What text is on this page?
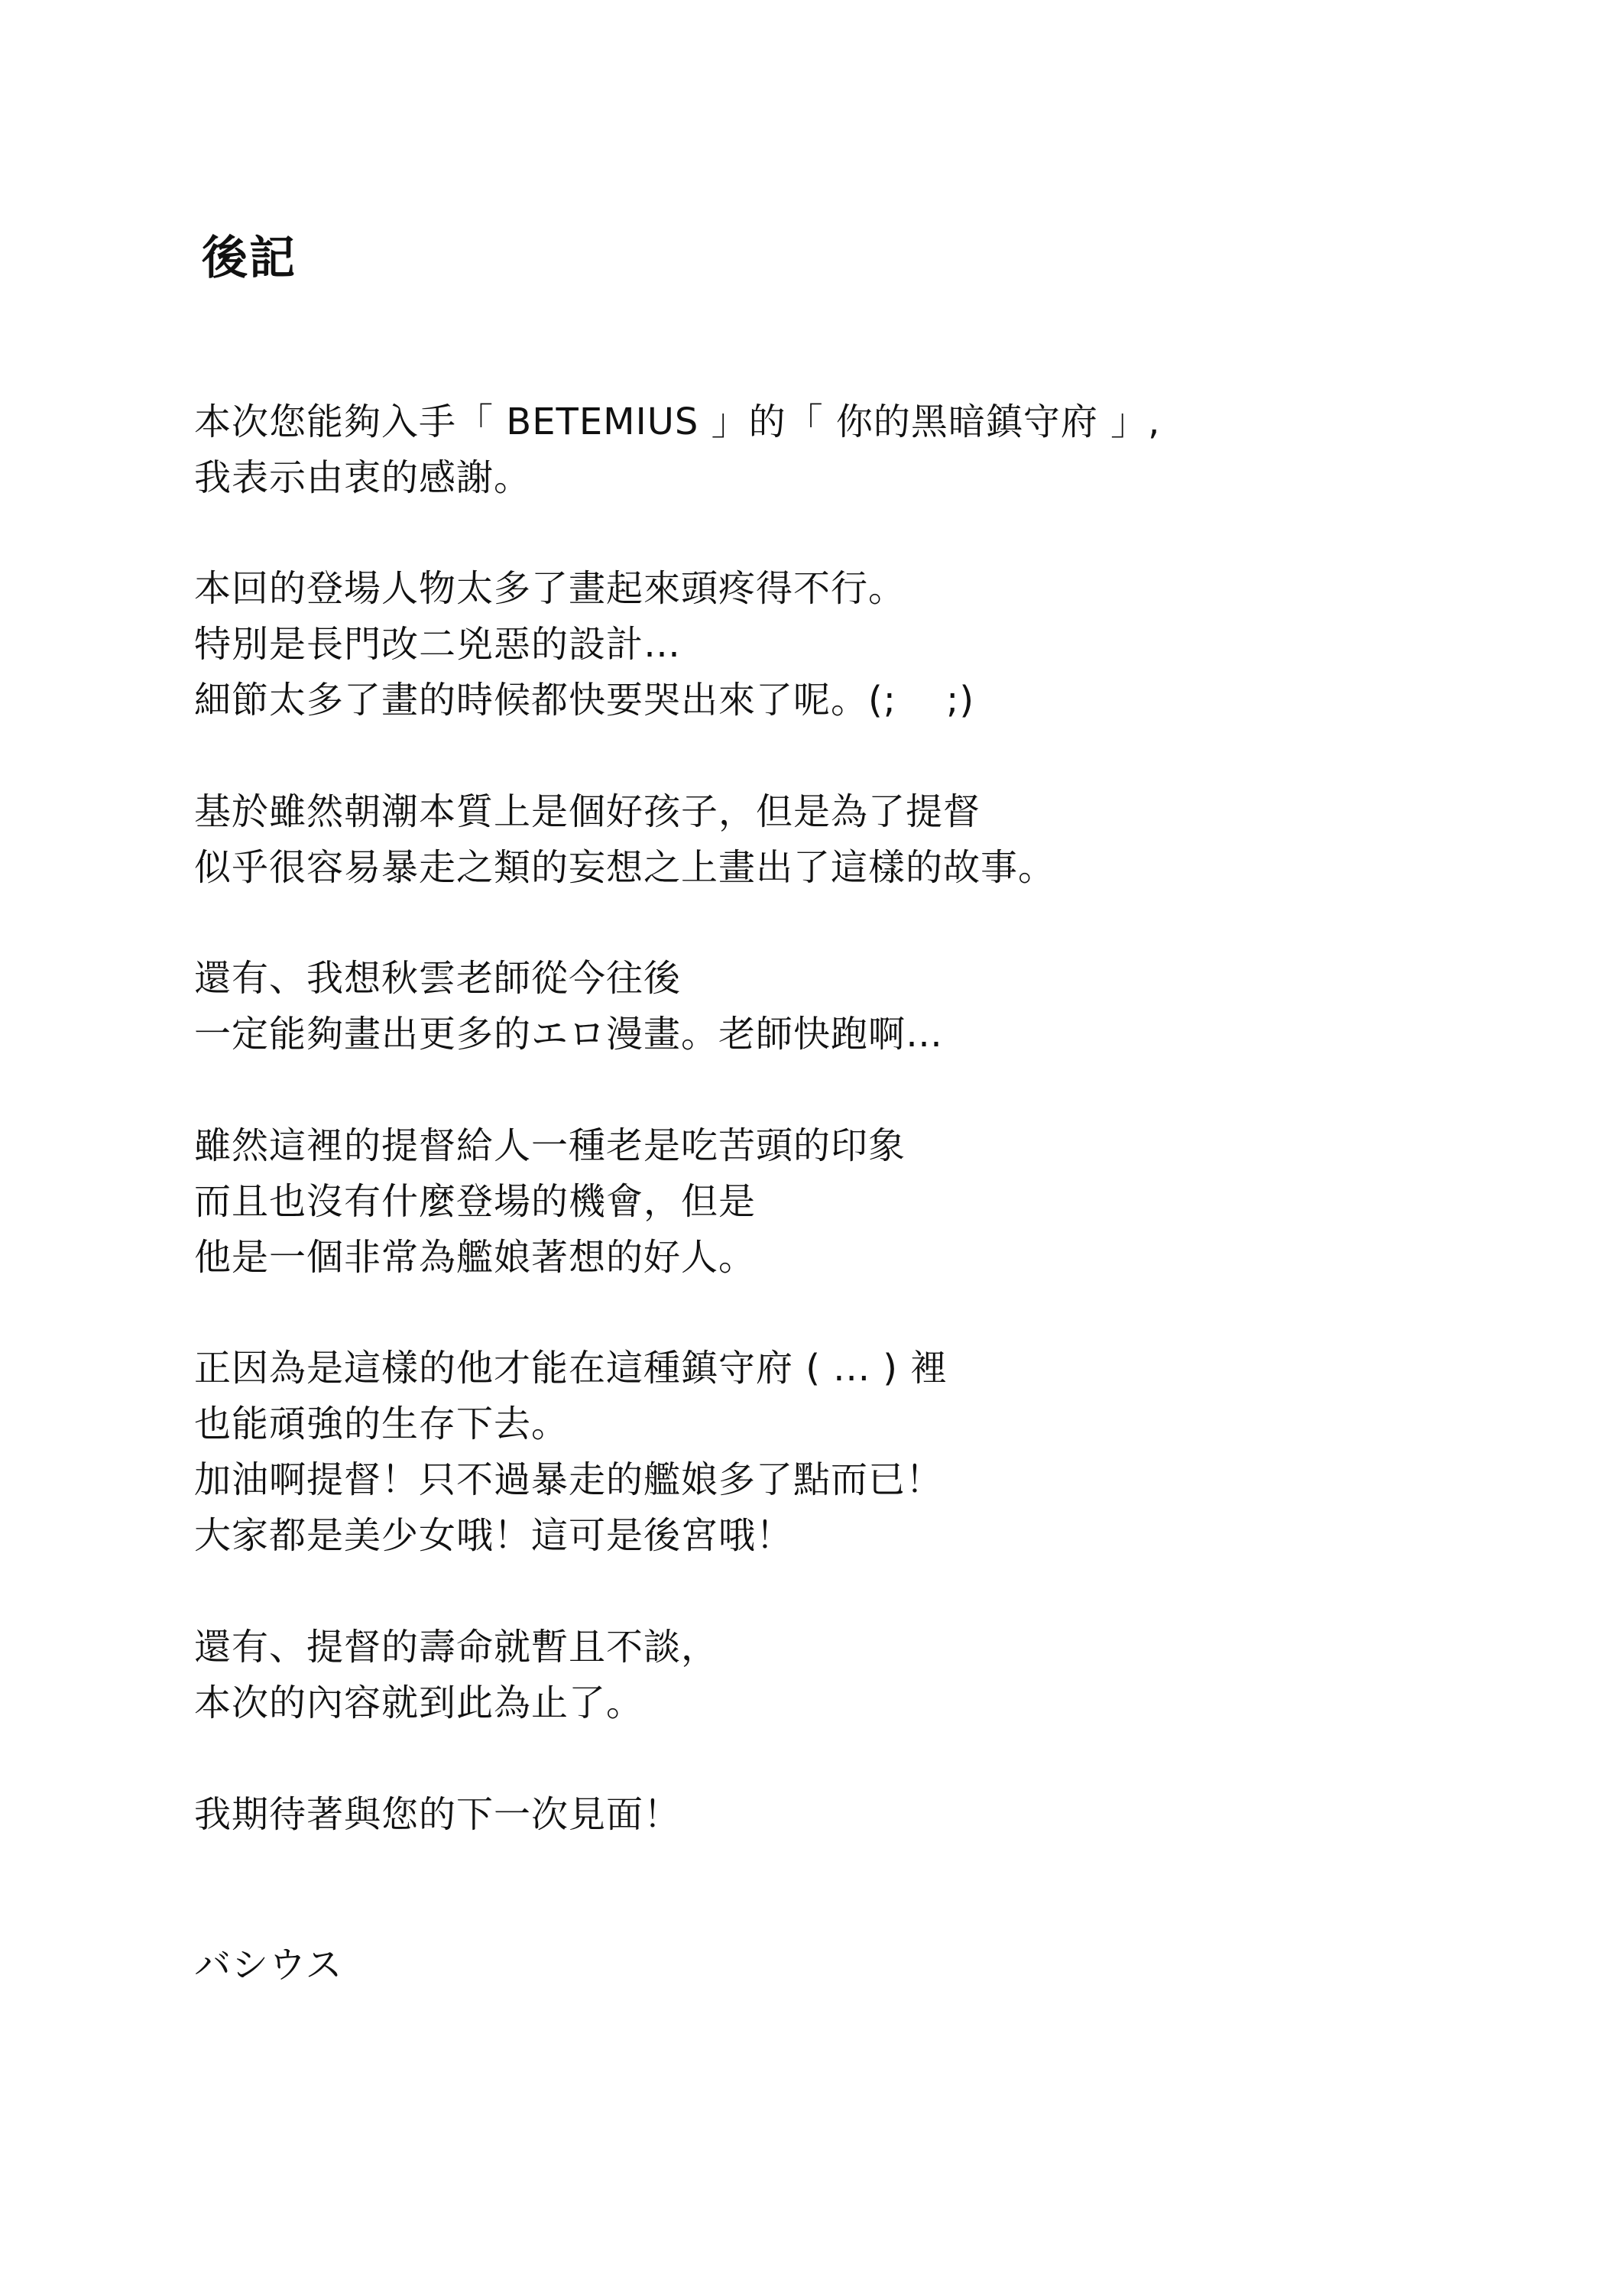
後記
本次您能夠入手「 BETEMIUS 」的「 你的黑暗鎮守府 」,
我表示由衷的感謝。
本回的登場人物太多了畫起來頭疼得不行。
特別是長門改二兇惡的設計…
細節太多了畫的時候都快要哭出來了呢。(;　 ;)
基於雖然朝潮本質上是個好孩子，但是為了提督
似乎很容易暴走之類的妄想之上畫出了這樣的故事。
還有、我想秋雲老師從今往後
一定能夠畫出更多的エロ漫畫。老師快跑啊…
雖然這裡的提督給人一種老是吃苦頭的印象
而且也沒有什麼登場的機會，但是
他是一個非常為艦娘著想的好人。
正因為是這樣的他才能在這種鎮守府 ( ... ) 裡
也能頑強的生存下去。
加油啊提督！只不過暴走的艦娘多了點而已！
大家都是美少女哦！這可是後宮哦！
還有、提督的壽命就暫且不談，
本次的內容就到此為止了。
我期待著與您的下一次見面！
バシウス
